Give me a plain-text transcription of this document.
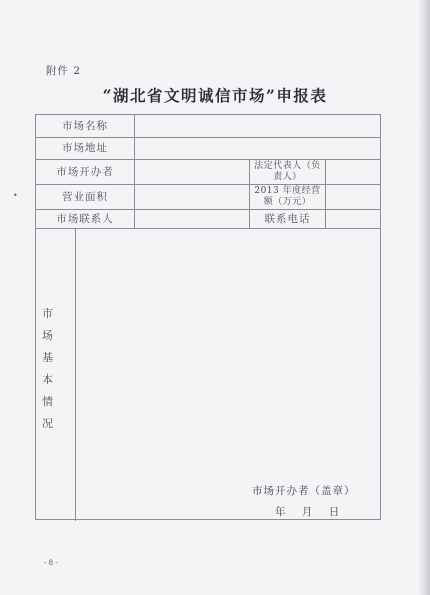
•
附件 2
“湖北省文明诚信市场”申报表
市场名称
市场地址
市场开办者	法定代表人（负责人）
营业面积	2013 年度经营额（万元）
市场联系人	联系电话
市 场 基 本 情 况
市场开办者（盖章）
年 月 日
- 8 -
